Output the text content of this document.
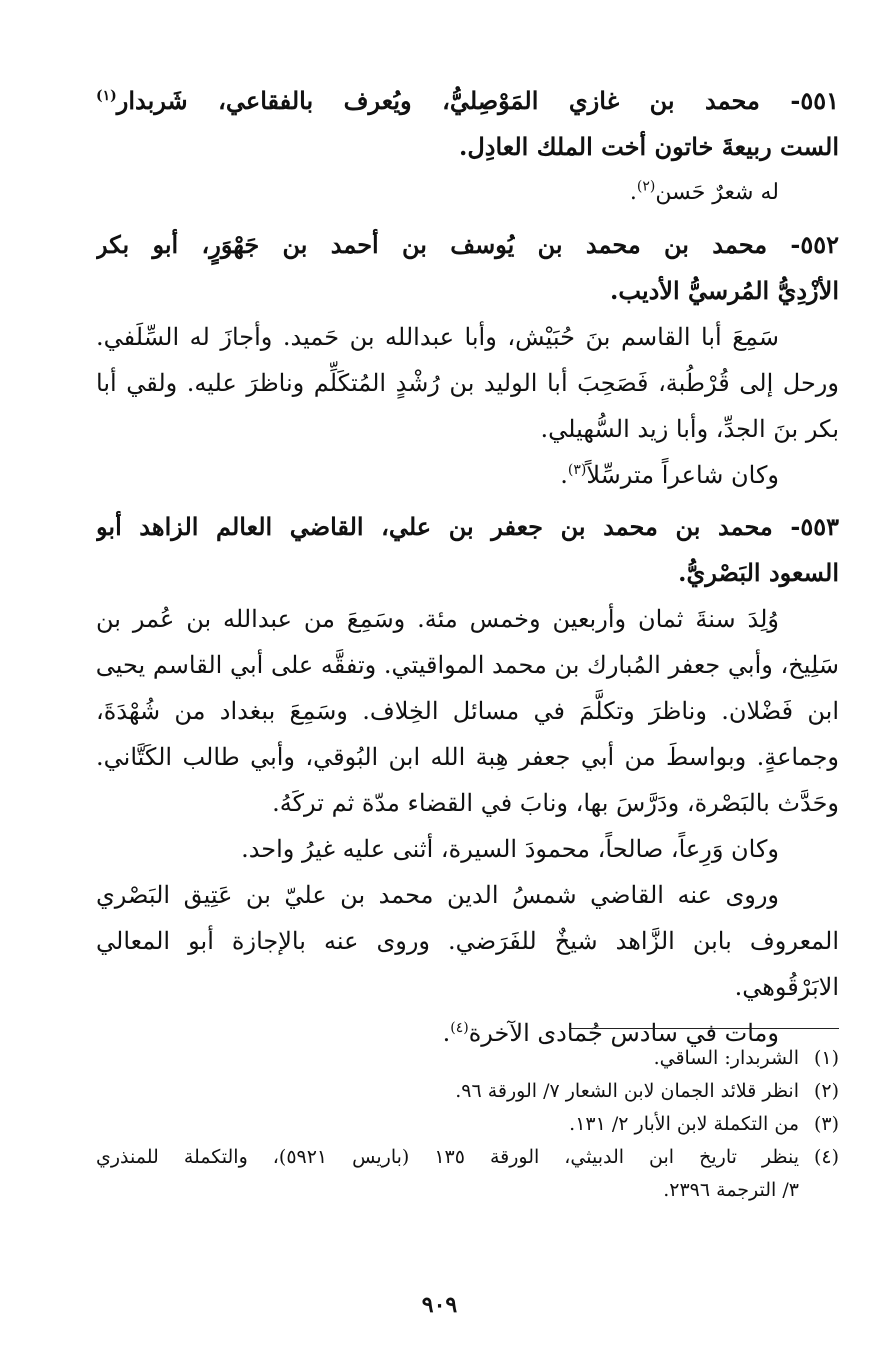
٥٥١- محمد بن غازي المَوْصِليُّ، ويُعرف بالفقاعي، شَربدار$^{(١)}$
الست ربيعةَ خاتون أخت الملك العادِل.
له شعرٌ حَسن$^{(٢)}$.
٥٥٢- محمد بن محمد بن يُوسف بن أحمد بن جَهْوَرٍ، أبو بكر
الأزْدِيُّ المُرسيُّ الأديب.
سَمِعَ أبا القاسم بنَ حُبَيْش، وأبا عبدالله بن حَميد. وأجازَ له السِّلَفي.
ورحل إلى قُرْطُبة، فَصَحِبَ أبا الوليد بن رُشْدٍ المُتكَلِّم وناظرَ عليه. ولقي أبا
بكر بنَ الجدِّ، وأبا زيد السُّهيلي.
وكان شاعراً مترسِّلاً$^{(٣)}$.
٥٥٣- محمد بن محمد بن جعفر بن علي، القاضي العالم الزاهد أبو
السعود البَصْريُّ.
وُلِدَ سنةَ ثمان وأربعين وخمس مئة. وسَمِعَ من عبدالله بن عُمر بن
سَلِيخ، وأبي جعفر المُبارك بن محمد المواقيتي. وتفقَّه على أبي القاسم يحيى
ابن فَضْلان. وناظرَ وتكلَّمَ في مسائل الخِلاف. وسَمِعَ ببغداد من شُهْدَةَ،
وجماعةٍ. وبواسطَ من أبي جعفر هِبة الله ابن البُوقي، وأبي طالب الكَتَّاني.
وحَدَّث بالبَصْرة، ودَرَّسَ بها، ونابَ في القضاء مدّة ثم تركَهُ.
وكان وَرِعاً، صالحاً، محمودَ السيرة، أثنى عليه غيرُ واحد.
وروى عنه القاضي شمسُ الدين محمد بن عليّ بن عَتِيق البَصْري
المعروف بابن الزَّاهد شيخٌ للفَرَضي. وروى عنه بالإجازة أبو المعالي
الابَرْقُوهي.
ومات في سادس جُمادى الآخرة$^{(٤)}$.
(١)الشربدار: الساقي.
(٢)انظر قلائد الجمان لابن الشعار ٧/ الورقة ٩٦.
(٣)من التكملة لابن الأبار ٢/ ١٣١.
(٤)ينظر تاريخ ابن الدبيثي، الورقة ١٣٥ (باريس ٥٩٢١)، والتكملة للمنذري
٣/ الترجمة ٢٣٩٦.
٩٠٩
